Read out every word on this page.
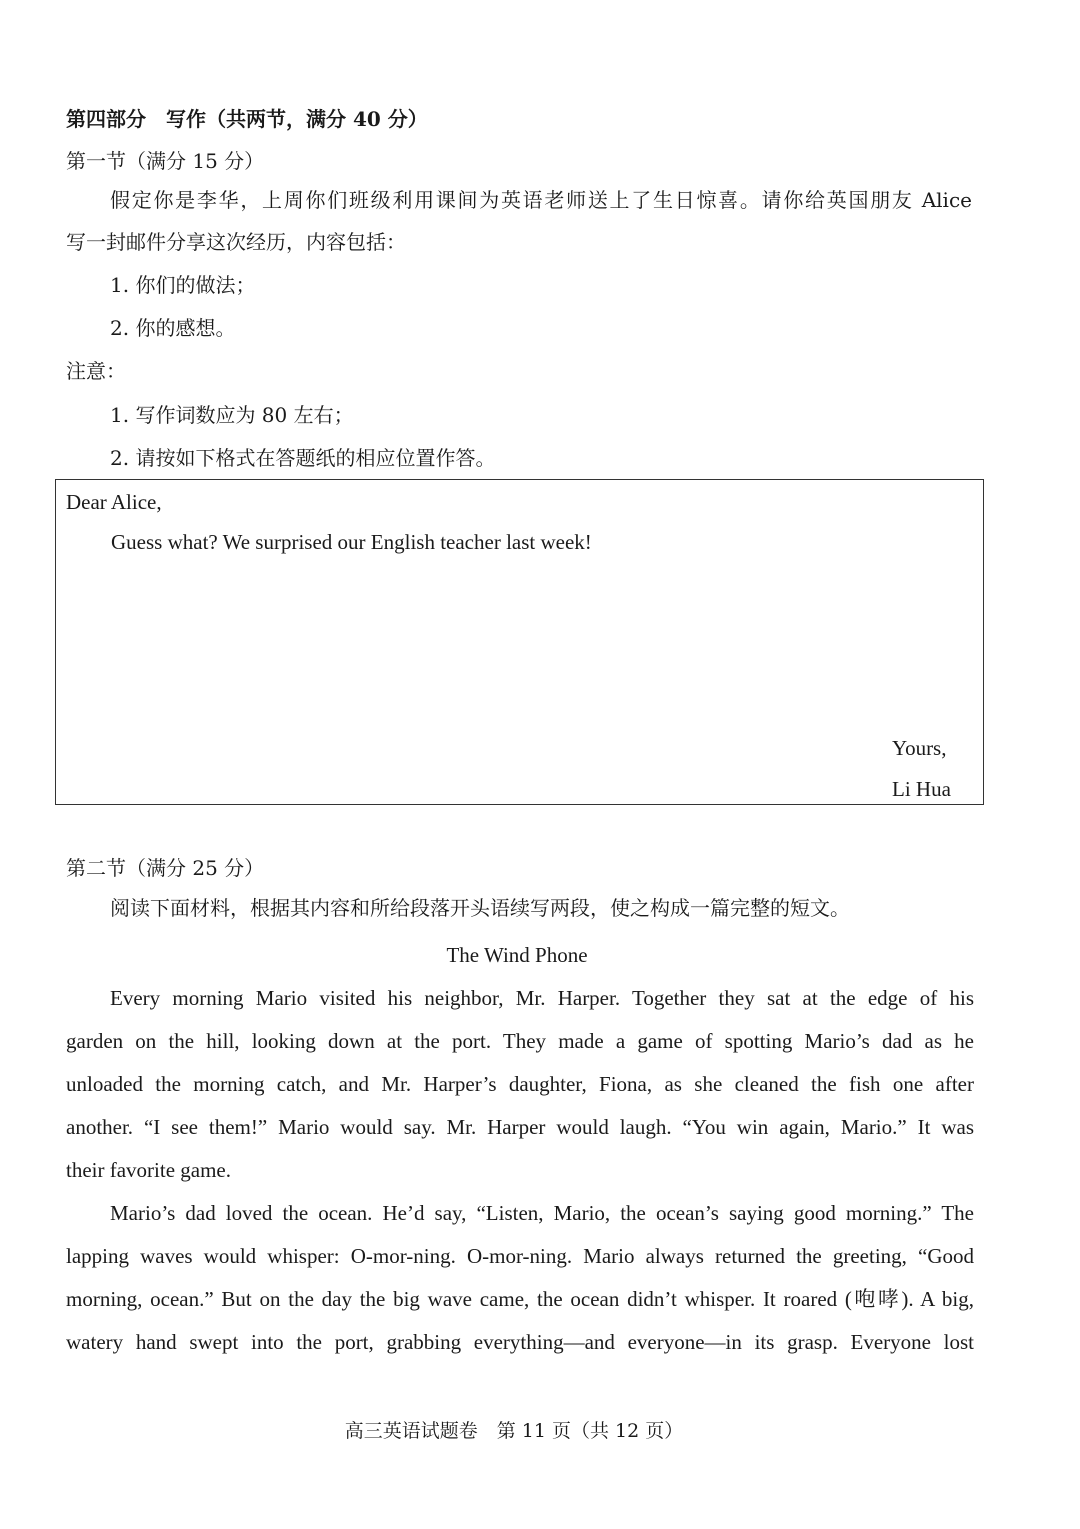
第四部分　写作（共两节，满分 40 分）
第一节（满分 15 分）
假定你是李华，上周你们班级利用课间为英语老师送上了生日惊喜。请你给英国朋友 Alice
写一封邮件分享这次经历，内容包括：
1. 你们的做法；
2. 你的感想。
注意：
1. 写作词数应为 80 左右；
2. 请按如下格式在答题纸的相应位置作答。
Dear Alice,
Guess what? We surprised our English teacher last week!
Yours,
Li Hua
第二节（满分 25 分）
阅读下面材料，根据其内容和所给段落开头语续写两段，使之构成一篇完整的短文。
The Wind Phone
Every morning Mario visited his neighbor, Mr. Harper. Together they sat at the edge of his
garden on the hill, looking down at the port. They made a game of spotting Mario’s dad as he
unloaded the morning catch, and Mr. Harper’s daughter, Fiona, as she cleaned the fish one after
another. “I see them!” Mario would say. Mr. Harper would laugh. “You win again, Mario.” It was
their favorite game.
Mario’s dad loved the ocean. He’d say, “Listen, Mario, the ocean’s saying good morning.” The
lapping waves would whisper: O-mor-ning. O-mor-ning. Mario always returned the greeting, “Good
morning, ocean.” But on the day the big wave came, the ocean didn’t whisper. It roared (咆哮). A big,
watery hand swept into the port, grabbing everything—and everyone—in its grasp. Everyone lost
高三英语试题卷　第 11 页（共 12 页）
